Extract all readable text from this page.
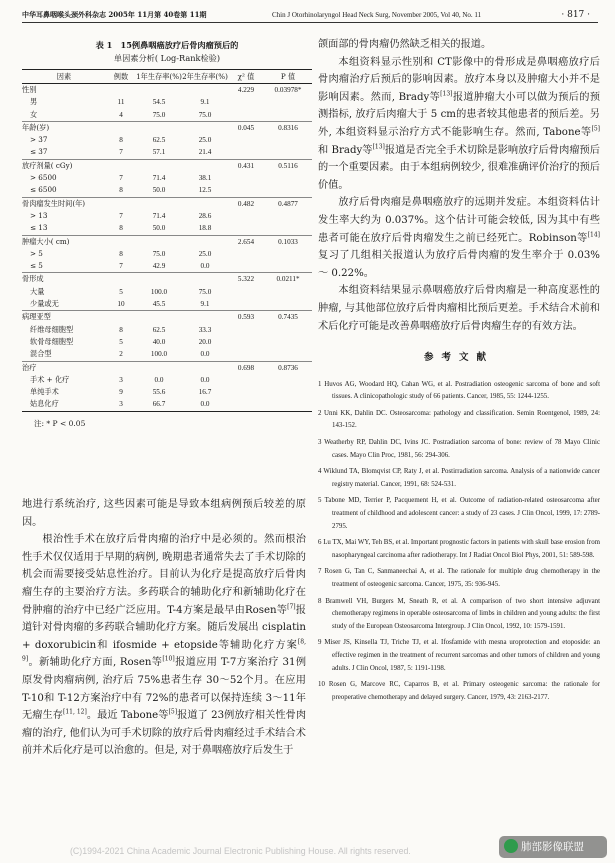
中华耳鼻咽喉头颈外科杂志 2005年 11月第 40卷第 11期	Chin J Otorhinolaryngol Head Neck Surg, November 2005, Vol 40, No. 11	· 817 ·
表 1　15例鼻咽癌放疗后骨肉瘤预后的
单因素分析( Log-Rank检验)
因素	例数	1年生存率(%)	2年生存率(%)	χ² 值	P 值
性别				4.229	0.03978*
男	11	54.5	9.1		
女	4	75.0	75.0		
年龄(岁)				0.045	0.8316
> 37	8	62.5	25.0		
≤ 37	7	57.1	21.4		
放疗剂量( cGy)				0.431	0.5116
> 6500	7	71.4	38.1		
≤ 6500	8	50.0	12.5		
骨肉瘤发生时间(年)				0.482	0.4877
> 13	7	71.4	28.6		
≤ 13	8	50.0	18.8		
肿瘤大小( cm)				2.654	0.1033
> 5	8	75.0	25.0		
≤ 5	7	42.9	0.0		
骨形成				5.322	0.0211*
大量	5	100.0	75.0		
少量或无	10	45.5	9.1		
病理亚型				0.593	0.7435
纤维母细胞型	8	62.5	33.3		
软骨母细胞型	5	40.0	20.0		
混合型	2	100.0	0.0		
治疗				0.698	0.8736
手术 + 化疗	3	0.0	0.0		
单纯手术	9	55.6	16.7		
姑息化疗	3	66.7	0.0		
注: * P < 0.05

地进行系统治疗, 这些因素可能是导致本组病例预后较差的原因。

根治性手术在放疗后骨肉瘤的治疗中是必须的。然而根治性手术仅仅适用于早期的病例, 晚期患者通常失去了手术切除的机会而需要接受姑息性治疗。目前认为化疗是提高放疗后骨肉瘤生存的主要治疗方法。多药联合的辅助化疗和新辅助化疗在骨肿瘤的治疗中已经广泛应用。T-4方案是最早由Rosen等[7]报道针对骨肉瘤的多药联合辅助化疗方案。随后发展出 cisplatin + doxorubicin和 ifosmide + etopside等辅助化疗方案[8, 9]。新辅助化疗方面, Rosen等[10]报道应用 T-7方案治疗 31例原发骨肉瘤病例, 治疗后 75%患者生存 30～52个月。在应用 T-10和 T-12方案治疗中有 72%的患者可以保持连续 3～11年无瘤生存[11, 12]。最近 Tabone等[5]报道了 23例放疗相关性骨肉瘤的治疗, 他们认为可手术切除的放疗后骨肉瘤经过手术结合术前并术后化疗是可以治愈的。但是, 对于鼻咽癌放疗后发生于

颌面部的骨肉瘤仍然缺乏相关的报道。

本组资料显示性别和 CT影像中的骨形成是鼻咽癌放疗后骨肉瘤治疗后预后的影响因素。放疗本身以及肿瘤大小并不是影响因素。然而, Brady等[13]报道肿瘤大小可以做为预后的预测指标, 放疗后肉瘤大于 5 cm的患者较其他患者的预后差。另外, 本组资料显示治疗方式不能影响生存。然而, Tabone等[5]和 Brady等[13]报道是否完全手术切除是影响放疗后骨肉瘤预后的一个重要因素。由于本组病例较少, 很难准确评价治疗的预后价值。

放疗后骨肉瘤是鼻咽癌放疗的远期并发症。本组资料估计发生率大约为 0.037%。这个估计可能会较低, 因为其中有些患者可能在放疗后骨肉瘤发生之前已经死亡。Robinson等[14]复习了几组相关报道认为放疗后骨肉瘤的发生率介于 0.03% ～ 0.22%。

本组资料结果显示鼻咽癌放疗后骨肉瘤是一种高度恶性的肿瘤, 与其他部位放疗后骨肉瘤相比预后更差。手术结合术前和术后化疗可能是改善鼻咽癌放疗后骨肉瘤生存的有效方法。

参考文献
1 Huvos AG, Woodard HQ, Cahan WG, et al. Postradiation osteogenic sarcoma of bone and soft tissues. A clinicopathologic study of 66 patients. Cancer, 1985, 55: 1244-1255.
2 Unni KK, Dahlin DC. Osteosarcoma: pathology and classification. Semin Roentgenol, 1989, 24: 143-152.
3 Weatherby RP, Dahlin DC, Ivins JC. Postradiation sarcoma of bone: review of 78 Mayo Clinic cases. Mayo Clin Proc, 1981, 56: 294-306.
4 Wiklund TA, Blomqvist CP, Raty J, et al. Postirradiation sarcoma. Analysis of a nationwide cancer registry material. Cancer, 1991, 68: 524-531.
5 Tabone MD, Terrier P, Pacquement H, et al. Outcome of radiation-related osteosarcoma after treatment of childhood and adolescent cancer: a study of 23 cases. J Clin Oncol, 1999, 17: 2789-2795.
6 Lu TX, Mai WY, Teh BS, et al. Important prognostic factors in patients with skull base erosion from nasopharyngeal carcinoma after radiotherapy. Int J Radiat Oncol Biol Phys, 2001, 51: 589-598.
7 Rosen G, Tan C, Sanmaneechai A, et al. The rationale for multiple drug chemotherapy in the treatment of osteogenic sarcoma. Cancer, 1975, 35: 936-945.
8 Bramwell VH, Burgers M, Sneath R, et al. A comparison of two short intensive adjuvant chemotherapy regimens in operable osteosarcoma of limbs in children and young adults: the first study of the European Osteosarcoma Intergroup. J Clin Oncol, 1992, 10: 1579-1591.
9 Miser JS, Kinsella TJ, Triche TJ, et al. Ifosfamide with mesna uroprotection and etoposide: an effective regimen in the treatment of recurrent sarcomas and other tumors of children and young adults. J Clin Oncol, 1987, 5: 1191-1198.
10 Rosen G, Marcove RC, Caparros B, et al. Primary osteogenic sarcoma: the rationale for preoperative chemotherapy and delayed surgery. Cancer, 1979, 43: 2163-2177.
(C)1994-2021 China Academic Journal Electronic Publishing House. All rights reserved.	肺部影像联盟
